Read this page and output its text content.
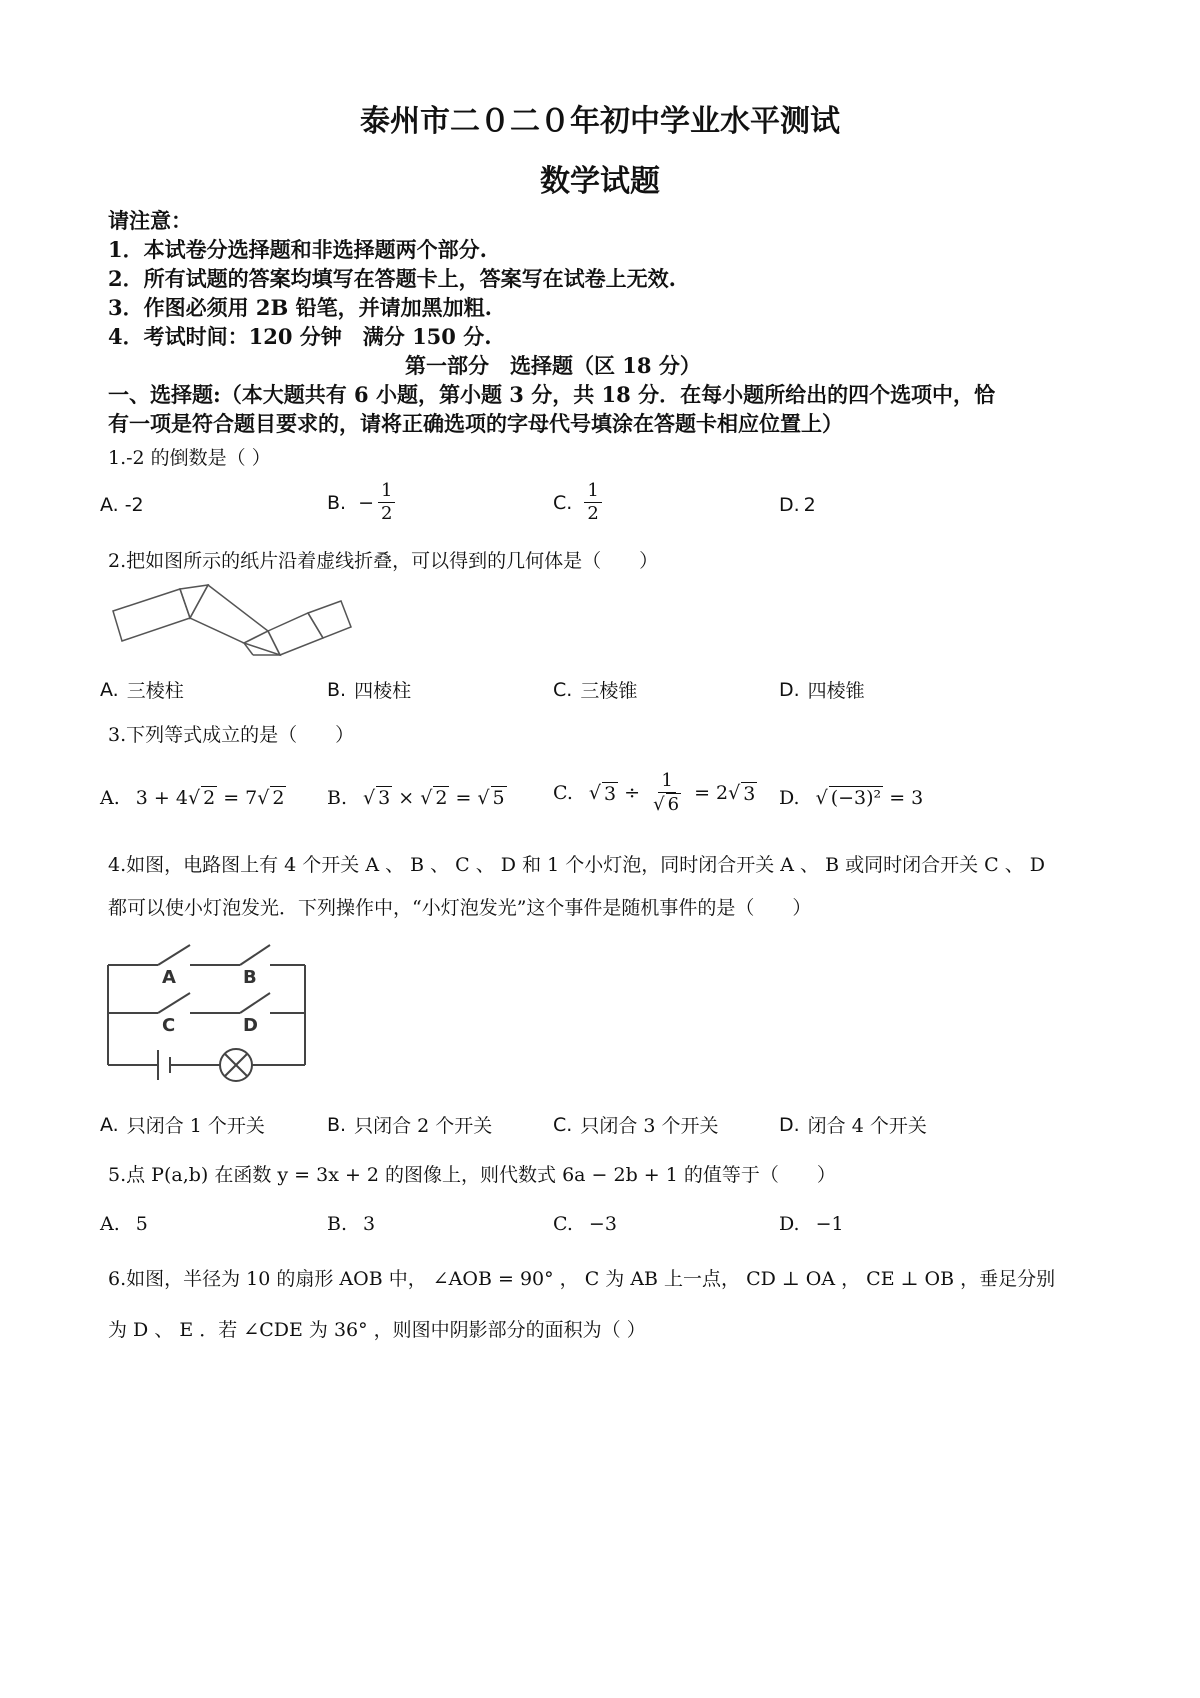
泰州市二０二０年初中学业水平测试
数学试题
请注意：
1．本试卷分选择题和非选择题两个部分.
2．所有试题的答案均填写在答题卡上，答案写在试卷上无效.
3．作图必须用 2B 铅笔，并请加黑加粗.
4．考试时间：120 分钟　满分 150 分.
第一部分　选择题（区 18 分）
一、选择题:（本大题共有 6 小题，第小题 3 分，共 18 分．在每小题所给出的四个选项中，恰
有一项是符合题目要求的，请将正确选项的字母代号填涂在答题卡相应位置上）
1.-2 的倒数是（ ）
A. -2	B. − $\frac{1}{2}$	C. $\frac{1}{2}$	D. 2
2.把如图所示的纸片沿着虚线折叠，可以得到的几何体是（　　）
A. 三棱柱	B. 四棱柱	C. 三棱锥	D. 四棱锥
3.下列等式成立的是（　　）
A. 3 + 4 √ 2 = 7 √ 2 B. √ 3 × √ 2 = √ 5	C. √ $3 \div \frac{1}{√ 6} = 2$ √ 3 D. √ (−3)² = 3
4.如图，电路图上有 4 个开关 A 、 B 、 C 、 D 和 1 个小灯泡，同时闭合开关 A 、 B 或同时闭合开关 C 、 D
都可以使小灯泡发光．下列操作中，“小灯泡发光”这个事件是随机事件的是（　　）
A	B
C	D
A. 只闭合 1 个开关	B. 只闭合 2 个开关	C. 只闭合 3 个开关	D. 闭合 4 个开关
5.点 P(a,b) 在函数 y = 3x + 2 的图像上，则代数式 6a − 2b + 1 的值等于（　　）
A. 5	B. 3	C. −3	D. −1
6.如图，半径为 10 的扇形 AOB 中， ∠AOB = 90° ， C 为 AB 上一点， CD ⊥ OA ， CE ⊥ OB ，垂足分别
为 D 、 E ．若 ∠CDE 为 36° ，则图中阴影部分的面积为（ ）
